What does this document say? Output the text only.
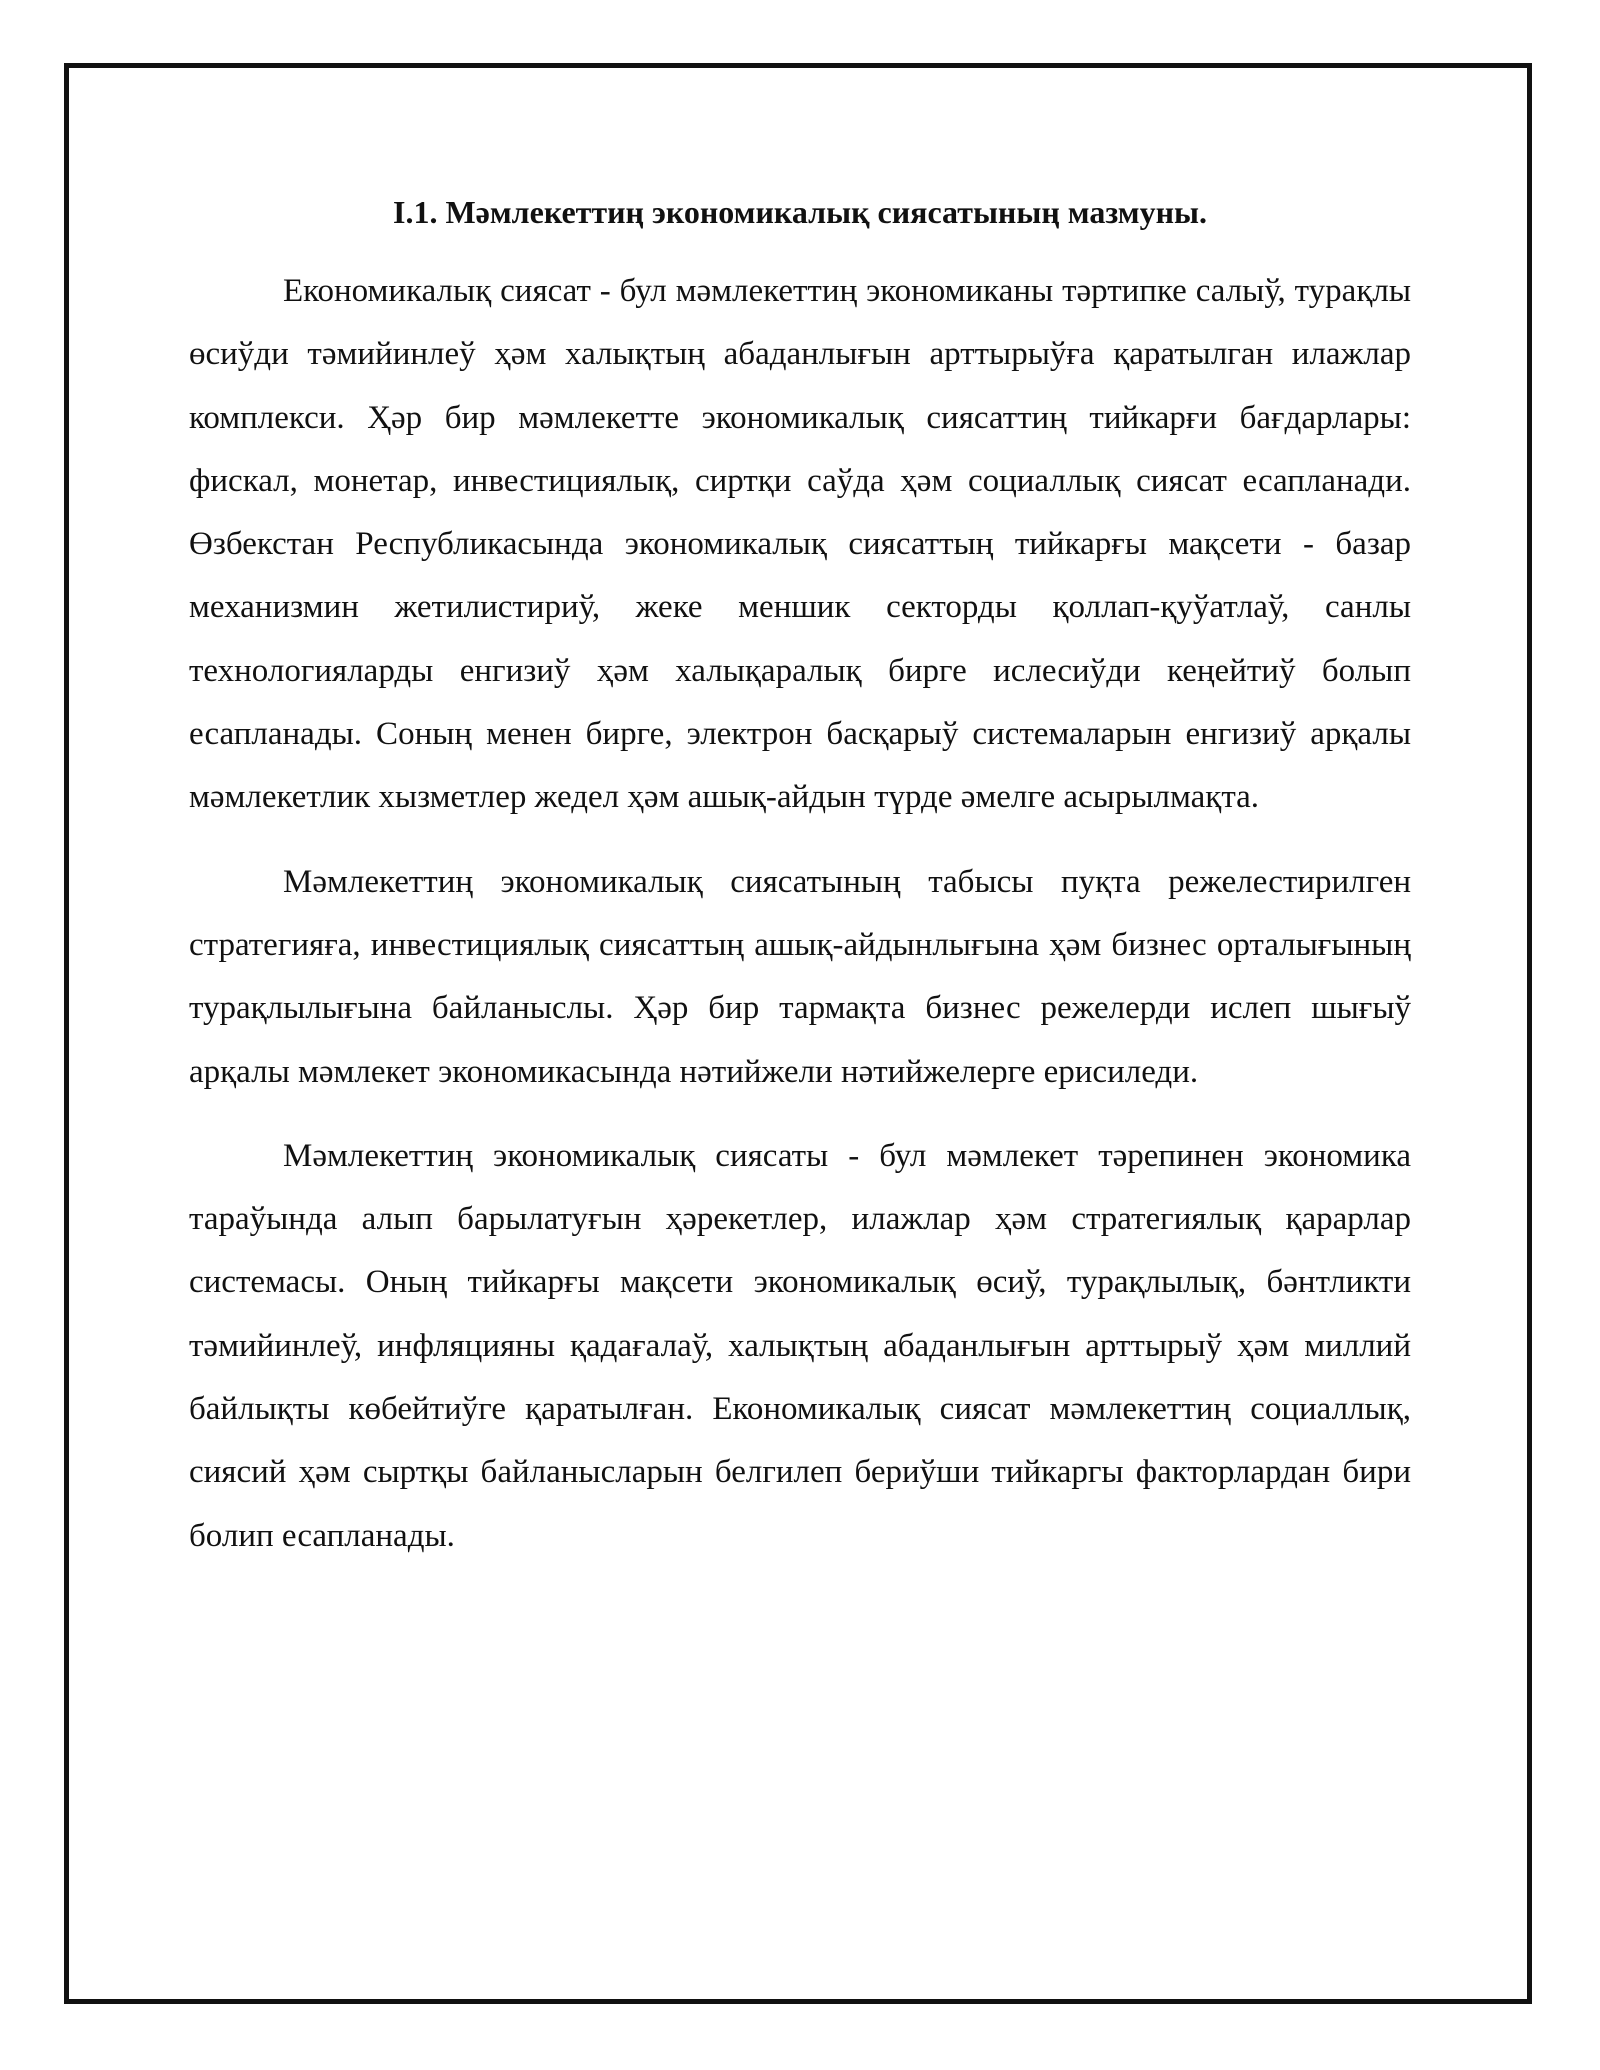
I.1. Мәмлекеттиң экономикалық сиясатының мазмуны.

Економикалық сиясат - бул мәмлекеттиң экономиканы тәртипке салыў, турақлы өсиўди тәмийинлеў ҳәм халықтың абаданлығын арттырыўға қаратылган илажлар комплекси. Ҳәр бир мәмлекетте экономикалық сиясаттиң тийкарғи бағдарлары: фискал, монетар, инвестициялық, сиртқи саўда ҳәм социаллық сиясат есапланади. Өзбекстан Республикасында экономикалық сиясаттың тийкарғы мақсети - базар механизмин жетилистириў, жеке меншик секторды қоллап-қуўатлаў, санлы технологияларды енгизиў ҳәм халықаралық бирге ислесиўди кеңейтиў болып есапланады. Соның менен бирге, электрон басқарыў системаларын енгизиў арқалы мәмлекетлик хызметлер жедел ҳәм ашық-айдын түрде әмелге асырылмақта.

Мәмлекеттиң экономикалық сиясатының табысы пуқта режелестирилген стратегияға, инвестициялық сиясаттың ашық-айдынлығына ҳәм бизнес орталығының турақлылығына байланыслы. Ҳәр бир тармақта бизнес режелерди ислеп шығыў арқалы мәмлекет экономикасында нәтийжели нәтийжелерге ерисиледи.

Мәмлекеттиң экономикалық сиясаты - бул мәмлекет тәрепинен экономика тараўында алып барылатуғын ҳәрекетлер, илажлар ҳәм стратегиялық қарарлар системасы. Оның тийкарғы мақсети экономикалық өсиў, турақлылық, бәнтликти тәмийинлеў, инфляцияны қадағалаў, халықтың абаданлығын арттырыў ҳәм миллий байлықты көбейтиўге қаратылған. Економикалық сиясат мәмлекеттиң социаллық, сиясий ҳәм сыртқы байланысларын белгилеп бериўши тийкаргы факторлардан бири болип есапланады.
